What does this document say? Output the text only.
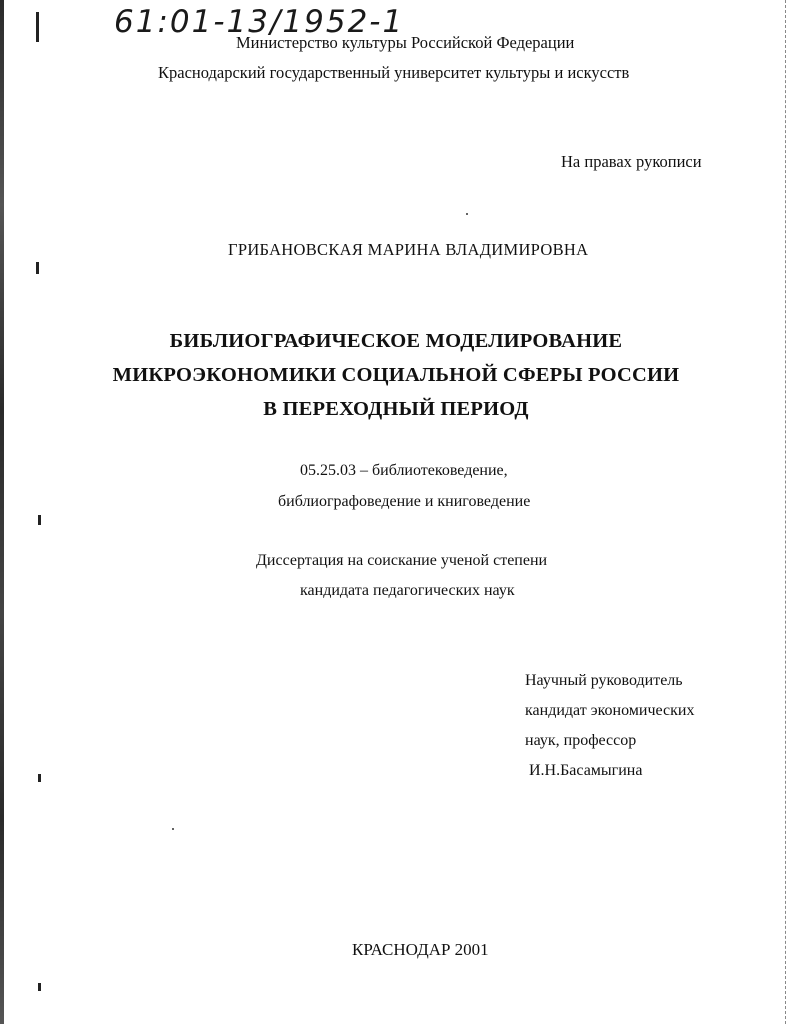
61:01-13/1952-1
Министерство культуры Российской Федерации
Краснодарский государственный университет культуры и искусств
На правах рукописи
ГРИБАНОВСКАЯ МАРИНА ВЛАДИМИРОВНА
БИБЛИОГРАФИЧЕСКОЕ МОДЕЛИРОВАНИЕ
МИКРОЭКОНОМИКИ СОЦИАЛЬНОЙ СФЕРЫ РОССИИ
В ПЕРЕХОДНЫЙ ПЕРИОД
05.25.03 – библиотековедение,
библиографоведение и книговедение
Диссертация на соискание ученой степени
кандидата педагогических наук
Научный руководитель
кандидат экономических
наук, профессор
И.Н.Басамыгина
КРАСНОДАР 2001
